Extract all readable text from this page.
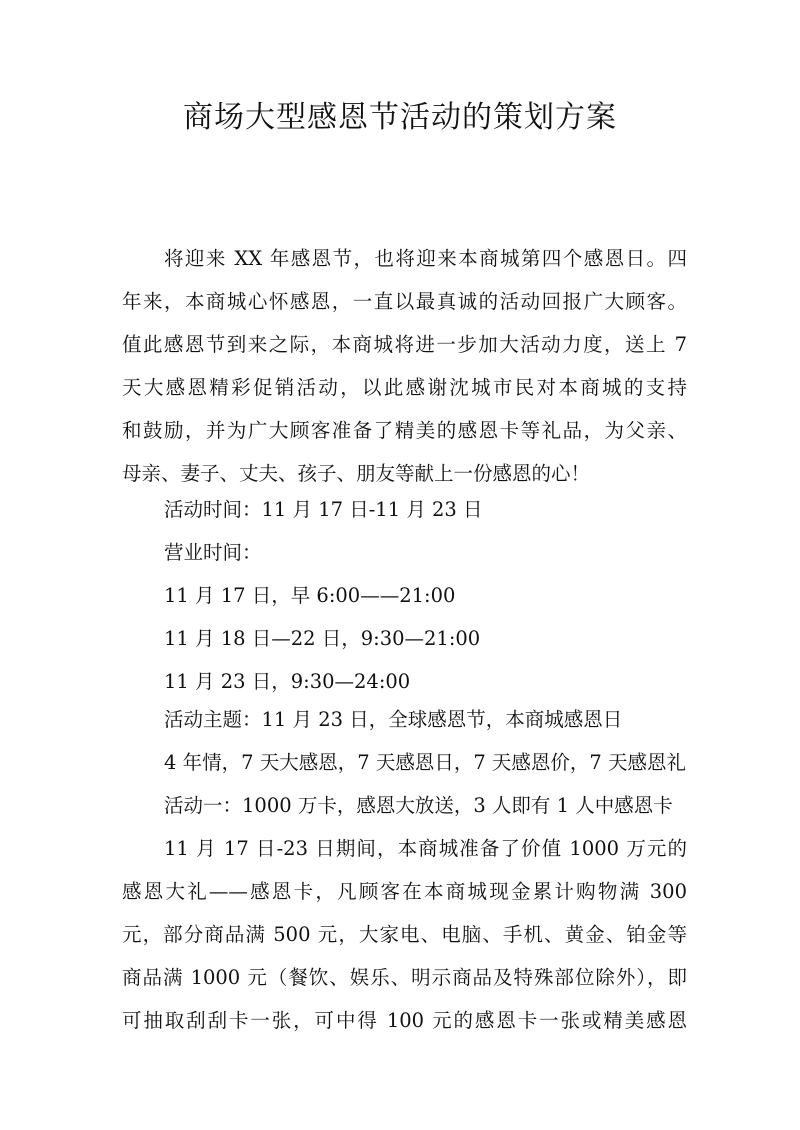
商场大型感恩节活动的策划方案

将迎来 XX 年感恩节，也将迎来本商城第四个感恩日。四

年来，本商城心怀感恩，一直以最真诚的活动回报广大顾客。

值此感恩节到来之际，本商城将进一步加大活动力度，送上 7

天大感恩精彩促销活动，以此感谢沈城市民对本商城的支持

和鼓励，并为广大顾客准备了精美的感恩卡等礼品，为父亲、

母亲、妻子、丈夫、孩子、朋友等献上一份感恩的心！

活动时间：11 月 17 日-11 月 23 日

营业时间：

11 月 17 日，早 6:00——21:00

11 月 18 日—22 日，9:30—21:00

11 月 23 日，9:30—24:00

活动主题：11 月 23 日，全球感恩节，本商城感恩日

4 年情，7 天大感恩，7 天感恩日，7 天感恩价，7 天感恩礼

活动一：1000 万卡，感恩大放送，3 人即有 1 人中感恩卡

11 月 17 日-23 日期间，本商城准备了价值 1000 万元的

感恩大礼——感恩卡，凡顾客在本商城现金累计购物满 300

元，部分商品满 500 元，大家电、电脑、手机、黄金、铂金等

商品满 1000 元（餐饮、娱乐、明示商品及特殊部位除外），即

可抽取刮刮卡一张，可中得 100 元的感恩卡一张或精美感恩
